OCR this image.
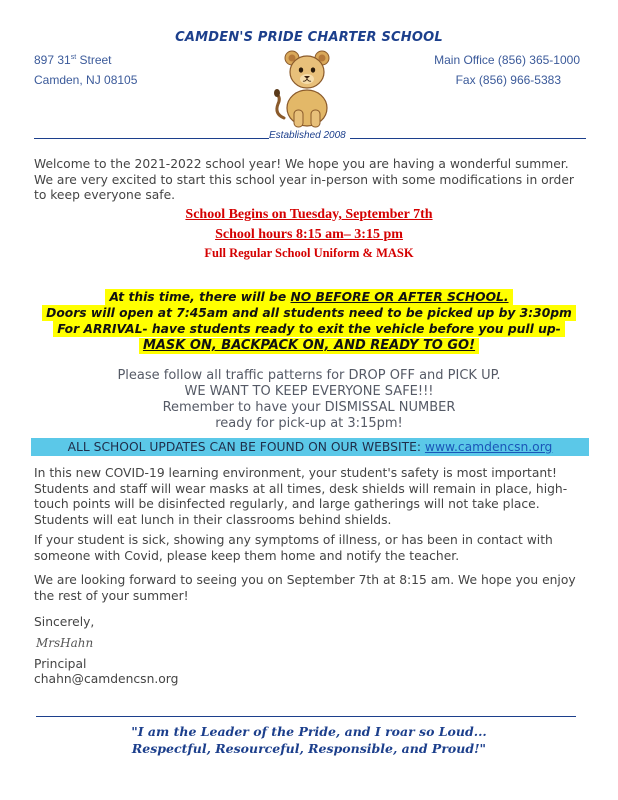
CAMDEN'S PRIDE CHARTER SCHOOL
897 31st Street
Camden, NJ 08105
Main Office (856) 365-1000
Fax (856) 966-5383
Established 2008
Welcome to the 2021-2022 school year! We hope you are having a wonderful summer. We are very excited to start this school year in-person with some modifications in order to keep everyone safe.
School Begins on Tuesday, September 7th
School hours 8:15 am– 3:15 pm
Full Regular School Uniform & MASK
At this time, there will be NO BEFORE OR AFTER SCHOOL.
Doors will open at 7:45am and all students need to be picked up by 3:30pm
For ARRIVAL- have students ready to exit the vehicle before you pull up-
MASK ON, BACKPACK ON, AND READY TO GO!
Please follow all traffic patterns for DROP OFF and PICK UP.
WE WANT TO KEEP EVERYONE SAFE!!!
Remember to have your DISMISSAL NUMBER
ready for pick-up at 3:15pm!
ALL SCHOOL UPDATES CAN BE FOUND ON OUR WEBSITE: www.camdencsn.org
In this new COVID-19 learning environment, your student's safety is most important! Students and staff will wear masks at all times, desk shields will remain in place, high-touch points will be disinfected regularly, and large gatherings will not take place. Students will eat lunch in their classrooms behind shields.
If your student is sick, showing any symptoms of illness, or has been in contact with someone with Covid, please keep them home and notify the teacher.
We are looking forward to seeing you on September 7th at 8:15 am. We hope you enjoy the rest of your summer!
Sincerely,
MrsHahn
Principal
chahn@camdencsn.org
"I am the Leader of the Pride, and I roar so Loud...
Respectful, Resourceful, Responsible, and Proud!"
